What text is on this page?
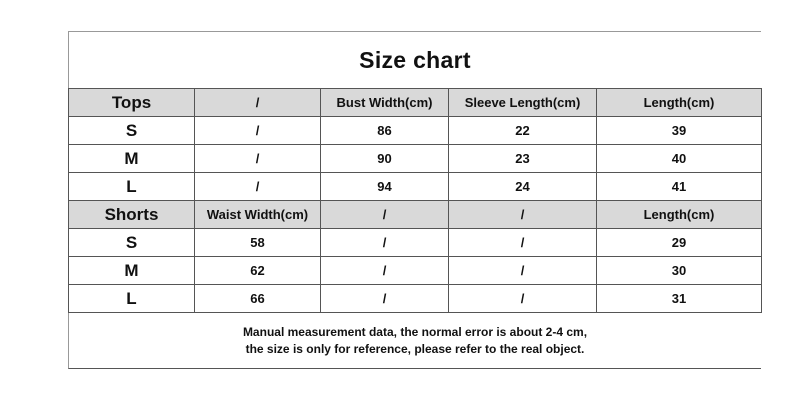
Size chart
Tops	/	Bust Width(cm)	Sleeve Length(cm)	Length(cm)
S	/	86	22	39
M	/	90	23	40
L	/	94	24	41
Shorts	Waist Width(cm)	/	/	Length(cm)
S	58	/	/	29
M	62	/	/	30
L	66	/	/	31
Manual measurement data, the normal error is about 2-4 cm,
the size is only for reference, please refer to the real object.
